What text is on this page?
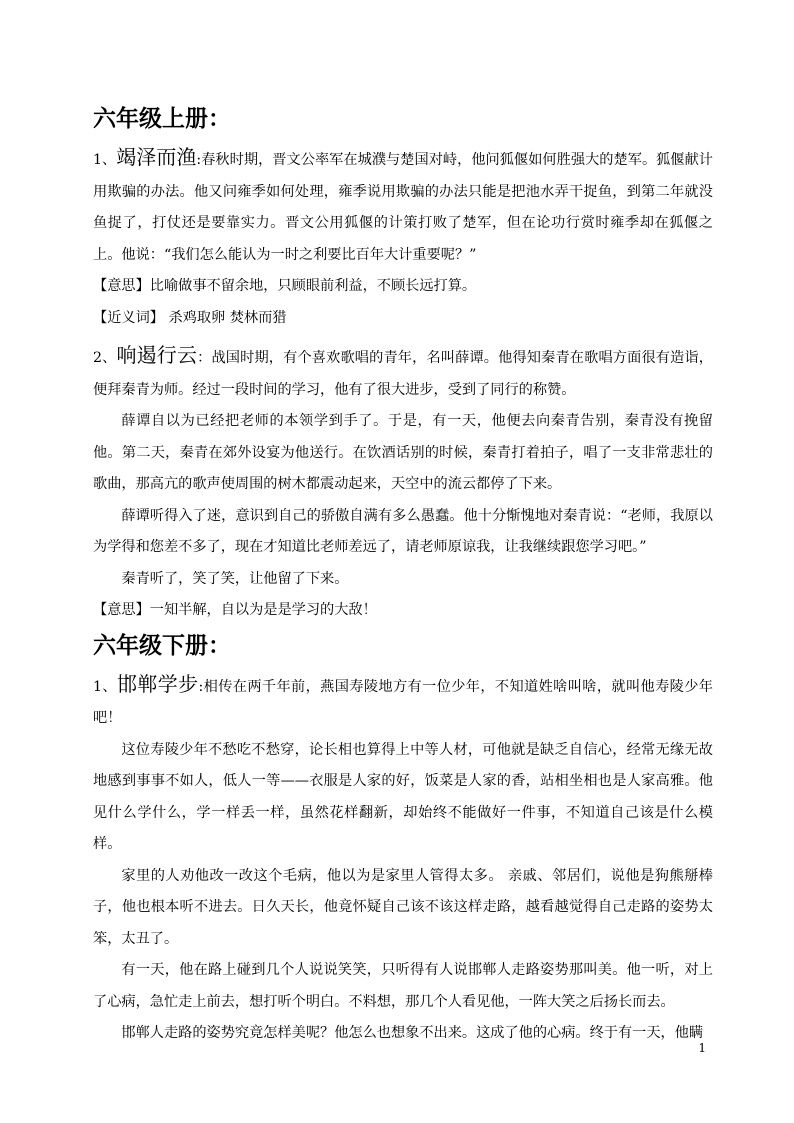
六年级上册：

1、竭泽而渔:春秋时期，晋文公率军在城濮与楚国对峙，他问狐偃如何胜强大的楚军。狐偃献计用欺骗的办法。他又问雍季如何处理，雍季说用欺骗的办法只能是把池水弄干捉鱼，到第二年就没鱼捉了，打仗还是要靠实力。晋文公用狐偃的计策打败了楚军，但在论功行赏时雍季却在狐偃之上。他说：“我们怎么能认为一时之利要比百年大计重要呢？”

【意思】比喻做事不留余地，只顾眼前利益，不顾长远打算。

【近义词】 杀鸡取卵 焚林而猎

2、响遏行云：战国时期，有个喜欢歌唱的青年，名叫薛谭。他得知秦青在歌唱方面很有造诣，便拜秦青为师。经过一段时间的学习，他有了很大进步，受到了同行的称赞。

薛谭自以为已经把老师的本领学到手了。于是，有一天，他便去向秦青告别，秦青没有挽留他。第二天，秦青在郊外设宴为他送行。在饮酒话别的时候，秦青打着拍子，唱了一支非常悲壮的歌曲，那高亢的歌声使周围的树木都震动起来，天空中的流云都停了下来。

薛谭听得入了迷，意识到自己的骄傲自满有多么愚蠢。他十分惭愧地对秦青说：“老师，我原以为学得和您差不多了，现在才知道比老师差远了，请老师原谅我，让我继续跟您学习吧。”

秦青听了，笑了笑，让他留了下来。

【意思】一知半解，自以为是是学习的大敌！

六年级下册：

1、邯郸学步:相传在两千年前，燕国寿陵地方有一位少年，不知道姓啥叫啥，就叫他寿陵少年吧！

这位寿陵少年不愁吃不愁穿，论长相也算得上中等人材，可他就是缺乏自信心，经常无缘无故地感到事事不如人，低人一等——衣服是人家的好，饭菜是人家的香，站相坐相也是人家高雅。他见什么学什么，学一样丢一样，虽然花样翻新，却始终不能做好一件事，不知道自己该是什么模样。

家里的人劝他改一改这个毛病，他以为是家里人管得太多。 亲戚、邻居们，说他是狗熊掰棒子，他也根本听不进去。日久天长，他竟怀疑自己该不该这样走路，越看越觉得自己走路的姿势太笨，太丑了。

有一天，他在路上碰到几个人说说笑笑，只听得有人说邯郸人走路姿势那叫美。他一听，对上了心病，急忙走上前去，想打听个明白。不料想，那几个人看见他，一阵大笑之后扬长而去。

邯郸人走路的姿势究竟怎样美呢？他怎么也想象不出来。这成了他的心病。终于有一天，他瞒

1
